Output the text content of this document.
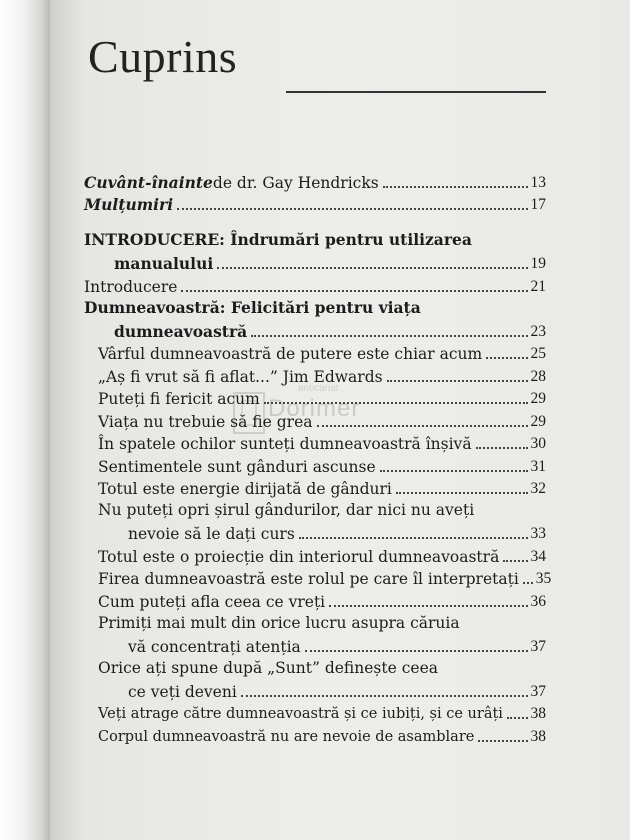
Cuprins
anticariat
Dorimer
Cuvânt-înainte de dr. Gay Hendricks	13
Mulțumiri	17
INTRODUCERE: Îndrumări pentru utilizarea
manualului	19
Introducere	21
Dumneavoastră: Felicitări pentru viața
dumneavoastră	23
Vârful dumneavoastră de putere este chiar acum	25
„Aș fi vrut să fi aflat...” Jim Edwards	28
Puteți fi fericit acum	29
Viața nu trebuie să fie grea	29
În spatele ochilor sunteți dumneavoastră înșivă	30
Sentimentele sunt gânduri ascunse	31
Totul este energie dirijată de gânduri	32
Nu puteți opri șirul gândurilor, dar nici nu aveți
nevoie să le dați curs	33
Totul este o proiecție din interiorul dumneavoastră 34
Firea dumneavoastră este rolul pe care îl interpretați 35
Cum puteți afla ceea ce vreți	36
Primiți mai mult din orice lucru asupra căruia
vă concentrați atenția	37
Orice ați spune după „Sunt” definește ceea
ce veți deveni	37
Veți atrage către dumneavoastră și ce iubiți, și ce urâți 38
Corpul dumneavoastră nu are nevoie de asamblare	38
